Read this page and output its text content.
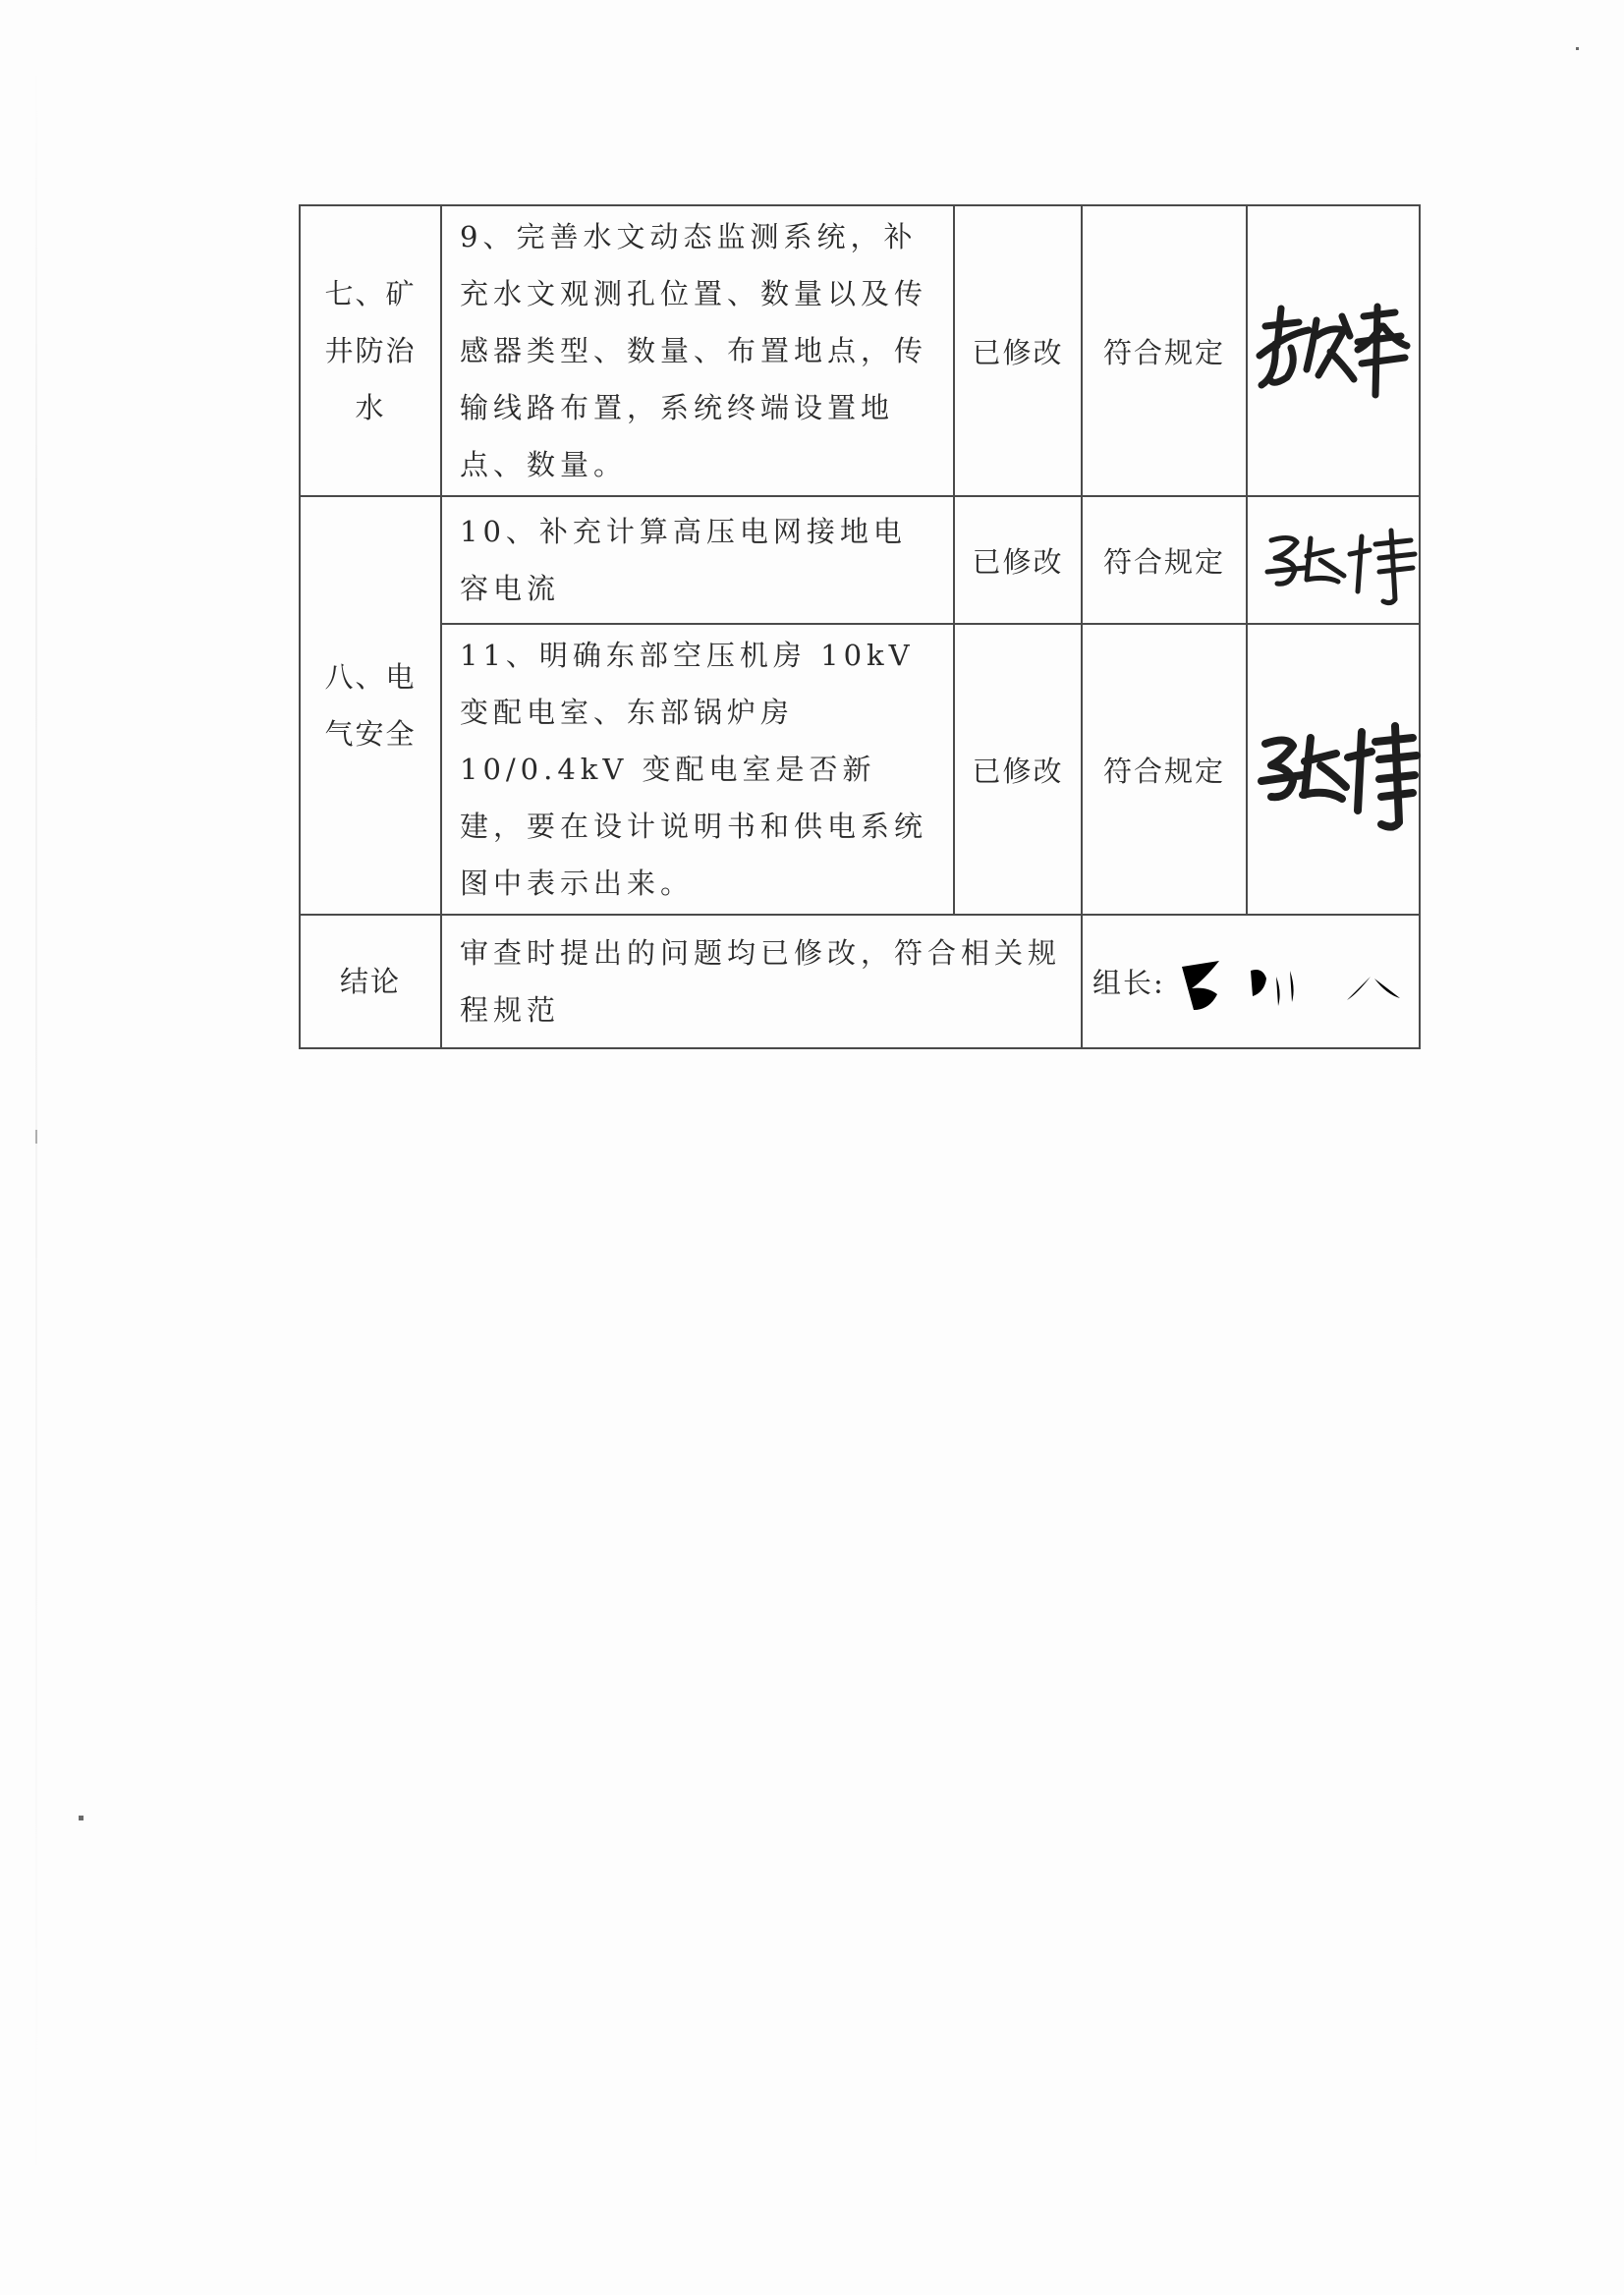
七、矿井防治水	9、完善水文动态监测系统，补充水文观测孔位置、数量以及传感器类型、数量、布置地点，传输线路布置，系统终端设置地点、数量。	已修改	符合规定	

八、电气安全	10、补充计算高压电网接地电容电流	已修改	符合规定	

	11、明确东部空压机房 10kV 变配电室、东部锅炉房 10/0.4kV 变配电室是否新建，要在设计说明书和供电系统图中表示出来。	已修改	符合规定	

结论	审查时提出的问题均已修改，符合相关规程规范		组长:	
